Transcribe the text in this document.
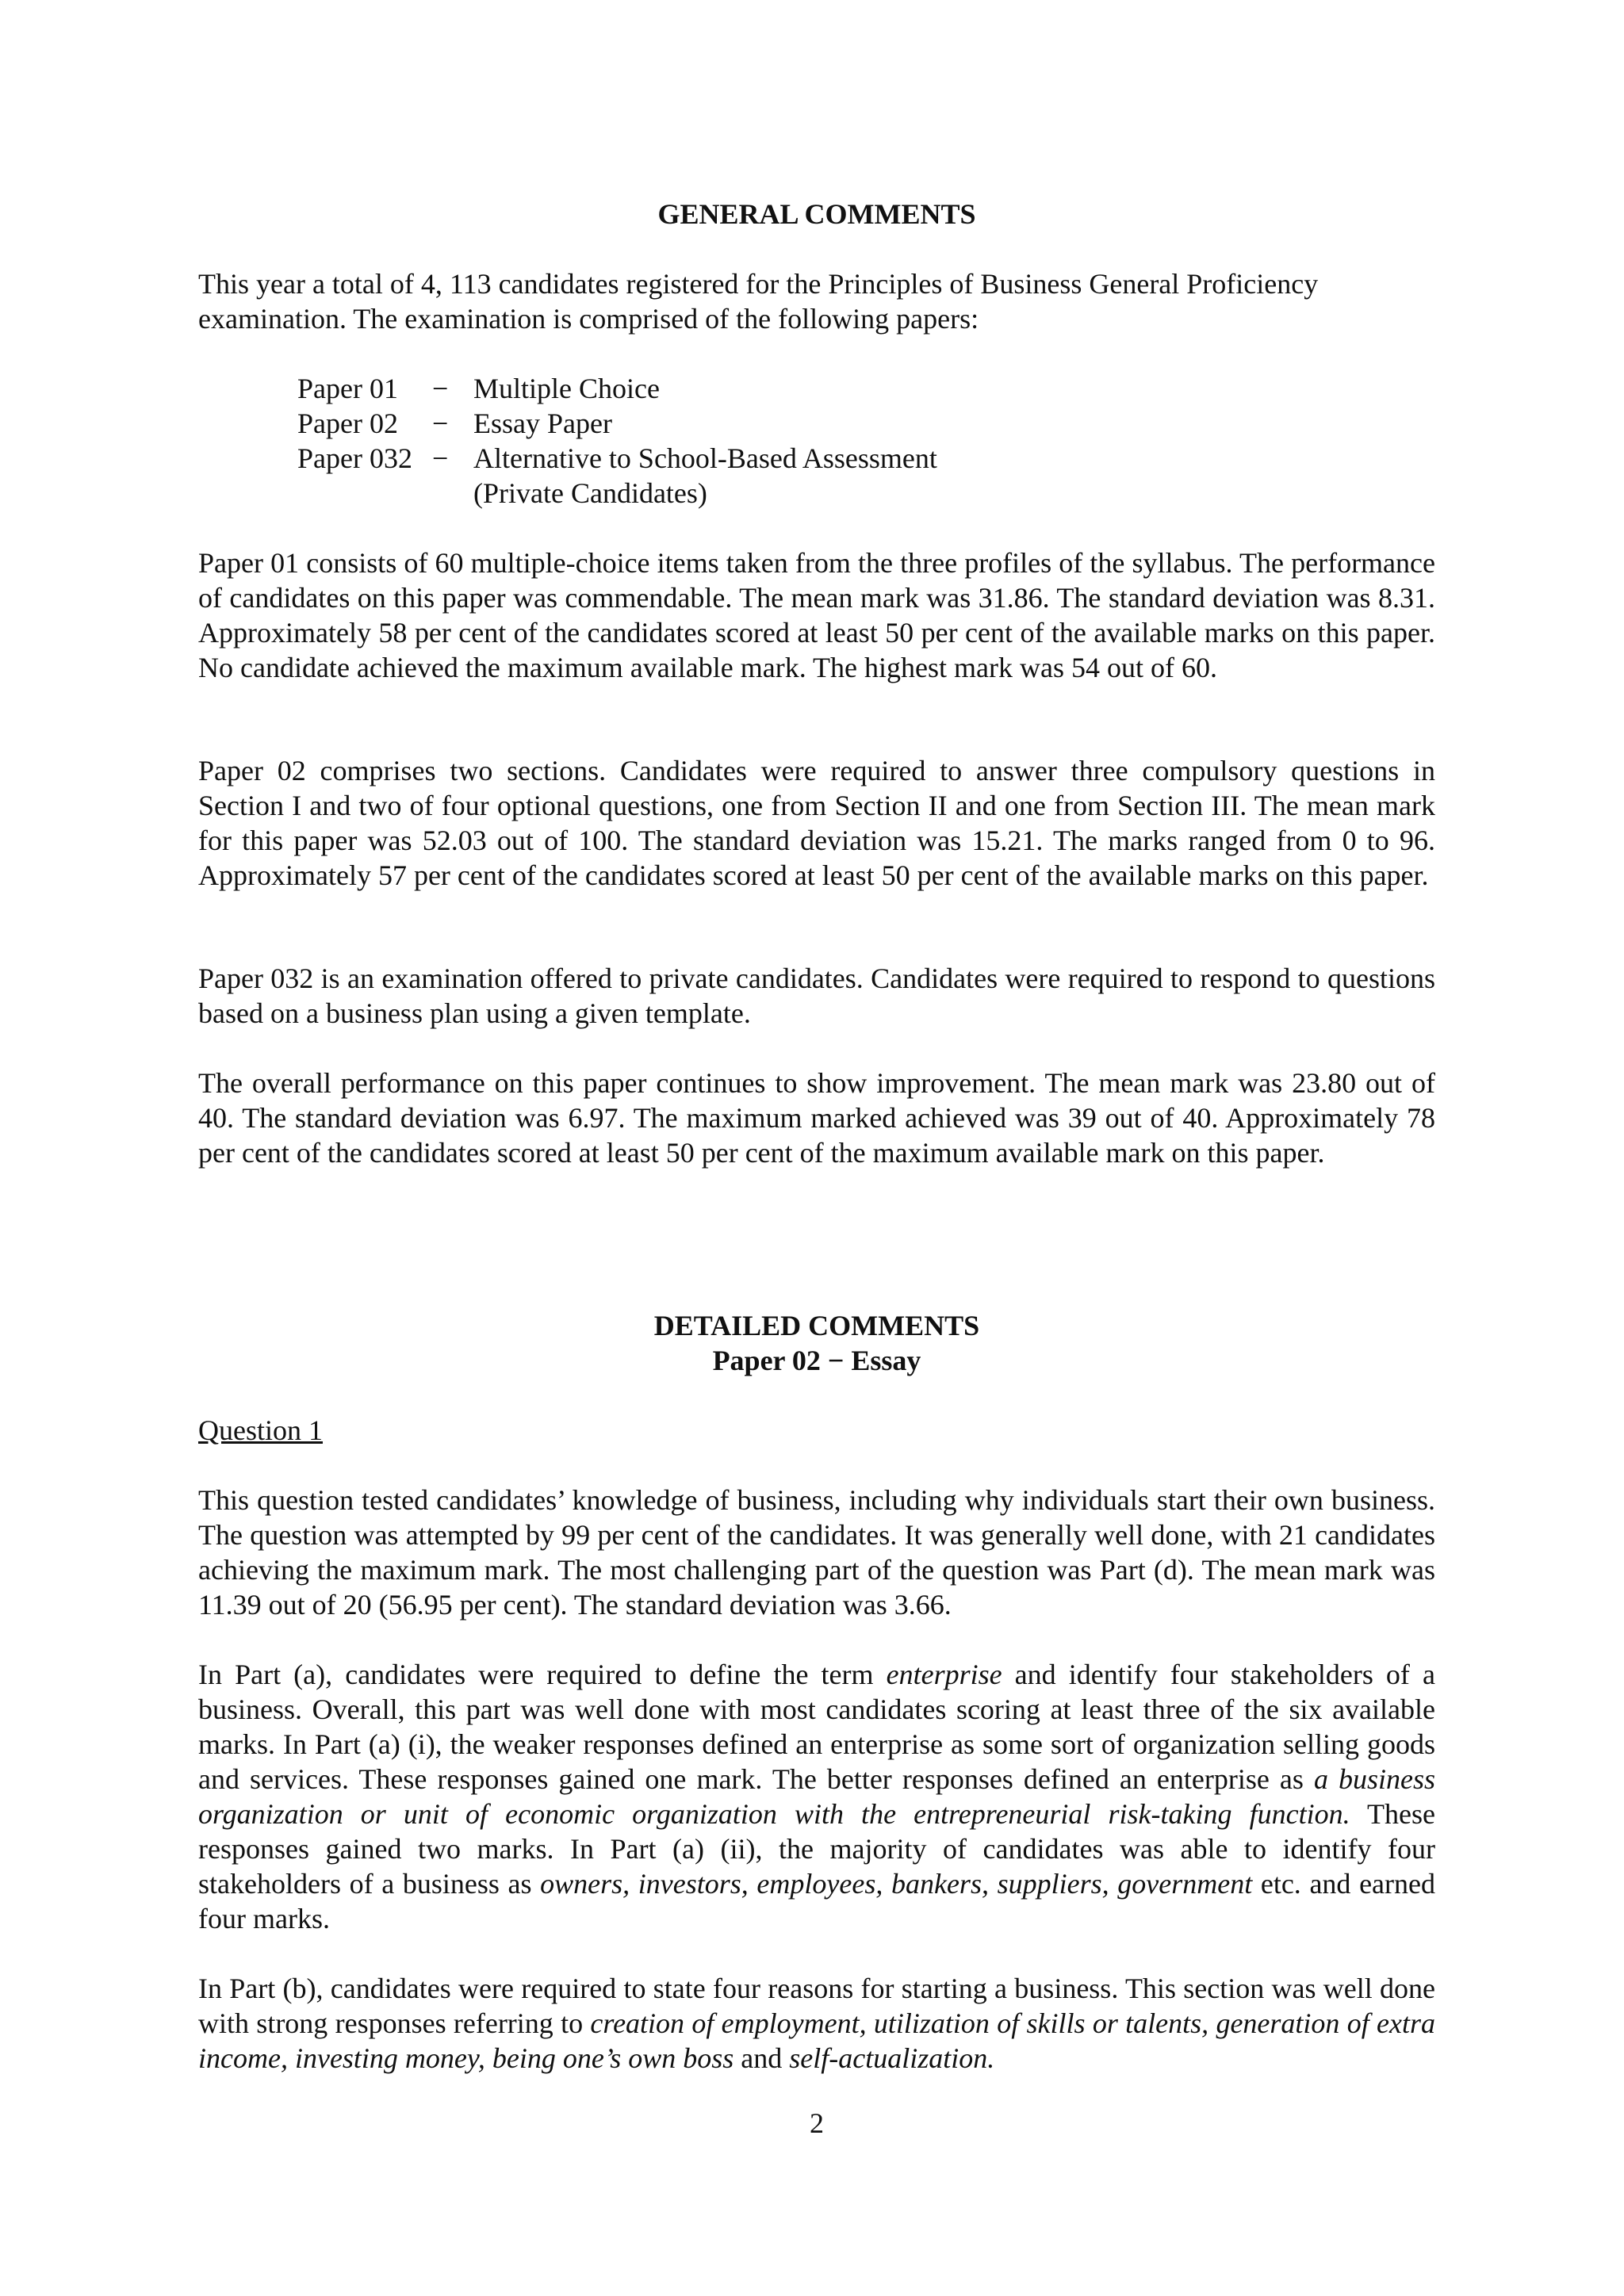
GENERAL COMMENTS

This year a total of 4, 113 candidates registered for the Principles of Business General Proficiency examination. The examination is comprised of the following papers:

Paper 01	− Multiple Choice
Paper 02	− Essay Paper
Paper 032 − Alternative to School-Based Assessment
(Private Candidates)

Paper 01 consists of 60 multiple-choice items taken from the three profiles of the syllabus. The performance of candidates on this paper was commendable. The mean mark was 31.86. The standard deviation was 8.31. Approximately 58 per cent of the candidates scored at least 50 per cent of the available marks on this paper. No candidate achieved the maximum available mark. The highest mark was 54 out of 60.

Paper 02 comprises two sections. Candidates were required to answer three compulsory questions in Section I and two of four optional questions, one from Section II and one from Section III. The mean mark for this paper was 52.03 out of 100. The standard deviation was 15.21. The marks ranged from 0 to 96. Approximately 57 per cent of the candidates scored at least 50 per cent of the available marks on this paper.

Paper 032 is an examination offered to private candidates. Candidates were required to respond to questions based on a business plan using a given template.

The overall performance on this paper continues to show improvement. The mean mark was 23.80 out of 40. The standard deviation was 6.97. The maximum marked achieved was 39 out of 40. Approximately 78 per cent of the candidates scored at least 50 per cent of the maximum available mark on this paper.

DETAILED COMMENTS

Paper 02 − Essay

Question 1

This question tested candidates’ knowledge of business, including why individuals start their own business. The question was attempted by 99 per cent of the candidates. It was generally well done, with 21 candidates achieving the maximum mark. The most challenging part of the question was Part (d). The mean mark was 11.39 out of 20 (56.95 per cent). The standard deviation was 3.66.

In Part (a), candidates were required to define the term enterprise and identify four stakeholders of a business. Overall, this part was well done with most candidates scoring at least three of the six available marks. In Part (a) (i), the weaker responses defined an enterprise as some sort of organization selling goods and services. These responses gained one mark. The better responses defined an enterprise as a business organization or unit of economic organization with the entrepreneurial risk-taking function. These responses gained two marks. In Part (a) (ii), the majority of candidates was able to identify four stakeholders of a business as owners, investors, employees, bankers, suppliers, government etc. and earned four marks.

In Part (b), candidates were required to state four reasons for starting a business. This section was well done with strong responses referring to creation of employment, utilization of skills or talents, generation of extra income, investing money, being one’s own boss and self-actualization.

2
